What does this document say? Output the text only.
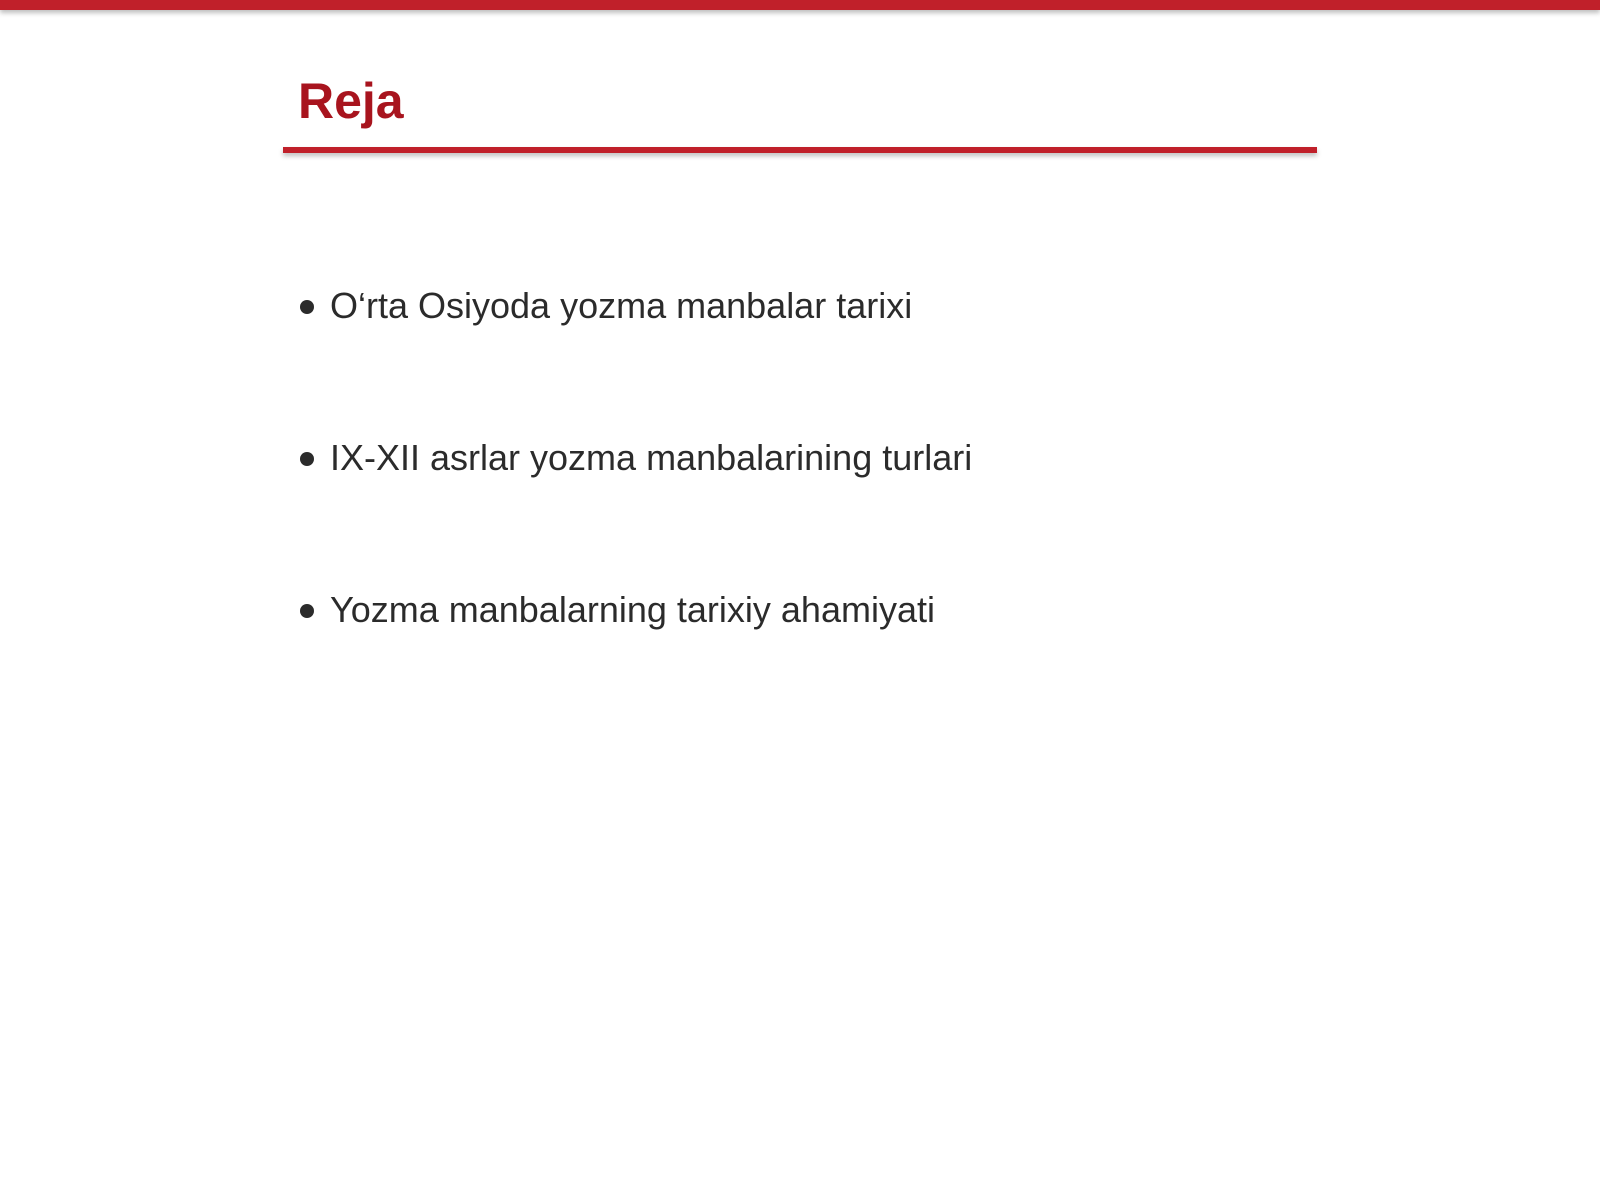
Reja
O‘rta Osiyoda yozma manbalar tarixi
IX-XII asrlar yozma manbalarining turlari
Yozma manbalarning tarixiy ahamiyati
